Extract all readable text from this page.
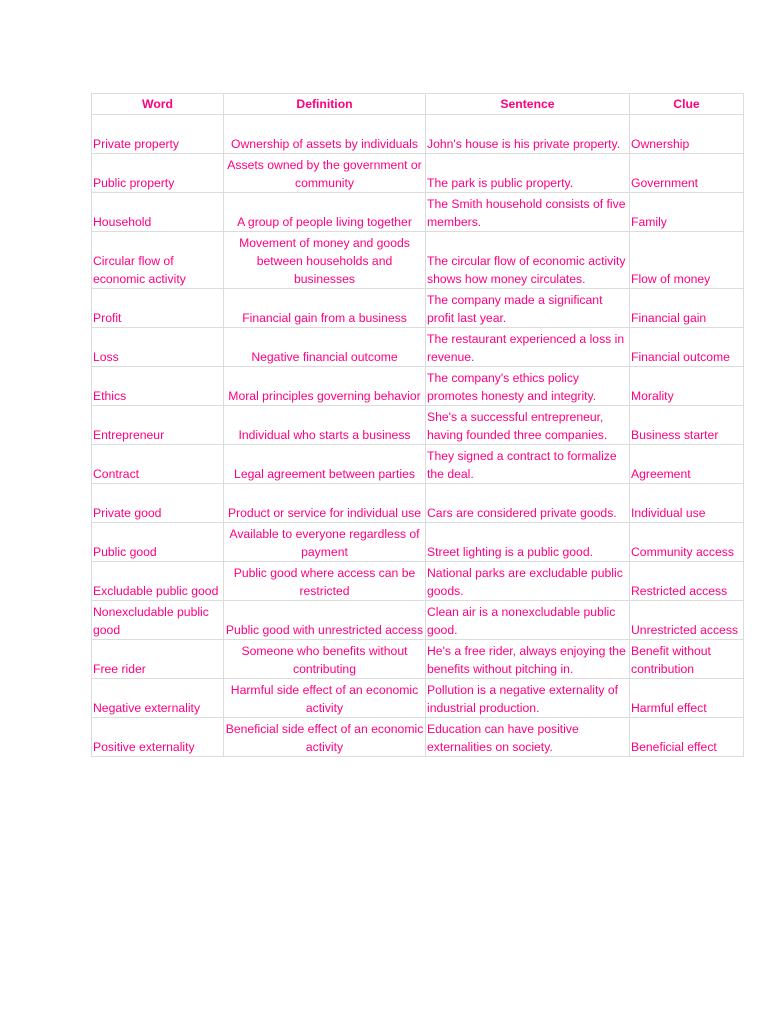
Word	Definition	Sentence	Clue
Private property	Ownership of assets by individuals	John's house is his private property.	Ownership
Public property	Assets owned by the government or community	The park is public property.	Government
Household	A group of people living together	The Smith household consists of five members.	Family
Circular flow of economic activity	Movement of money and goods between households and businesses	The circular flow of economic activity shows how money circulates.	Flow of money
Profit	Financial gain from a business	The company made a significant profit last year.	Financial gain
Loss	Negative financial outcome	The restaurant experienced a loss in revenue.	Financial outcome
Ethics	Moral principles governing behavior	The company's ethics policy promotes honesty and integrity.	Morality
Entrepreneur	Individual who starts a business	She's a successful entrepreneur, having founded three companies.	Business starter
Contract	Legal agreement between parties	They signed a contract to formalize the deal.	Agreement
Private good	Product or service for individual use	Cars are considered private goods.	Individual use
Public good	Available to everyone regardless of payment	Street lighting is a public good.	Community access
Excludable public good	Public good where access can be restricted	National parks are excludable public goods.	Restricted access
Nonexcludable public good	Public good with unrestricted access	Clean air is a nonexcludable public good.	Unrestricted access
Free rider	Someone who benefits without contributing	He's a free rider, always enjoying the benefits without pitching in.	Benefit without contribution
Negative externality	Harmful side effect of an economic activity	Pollution is a negative externality of industrial production.	Harmful effect
Positive externality	Beneficial side effect of an economic activity	Education can have positive externalities on society.	Beneficial effect
